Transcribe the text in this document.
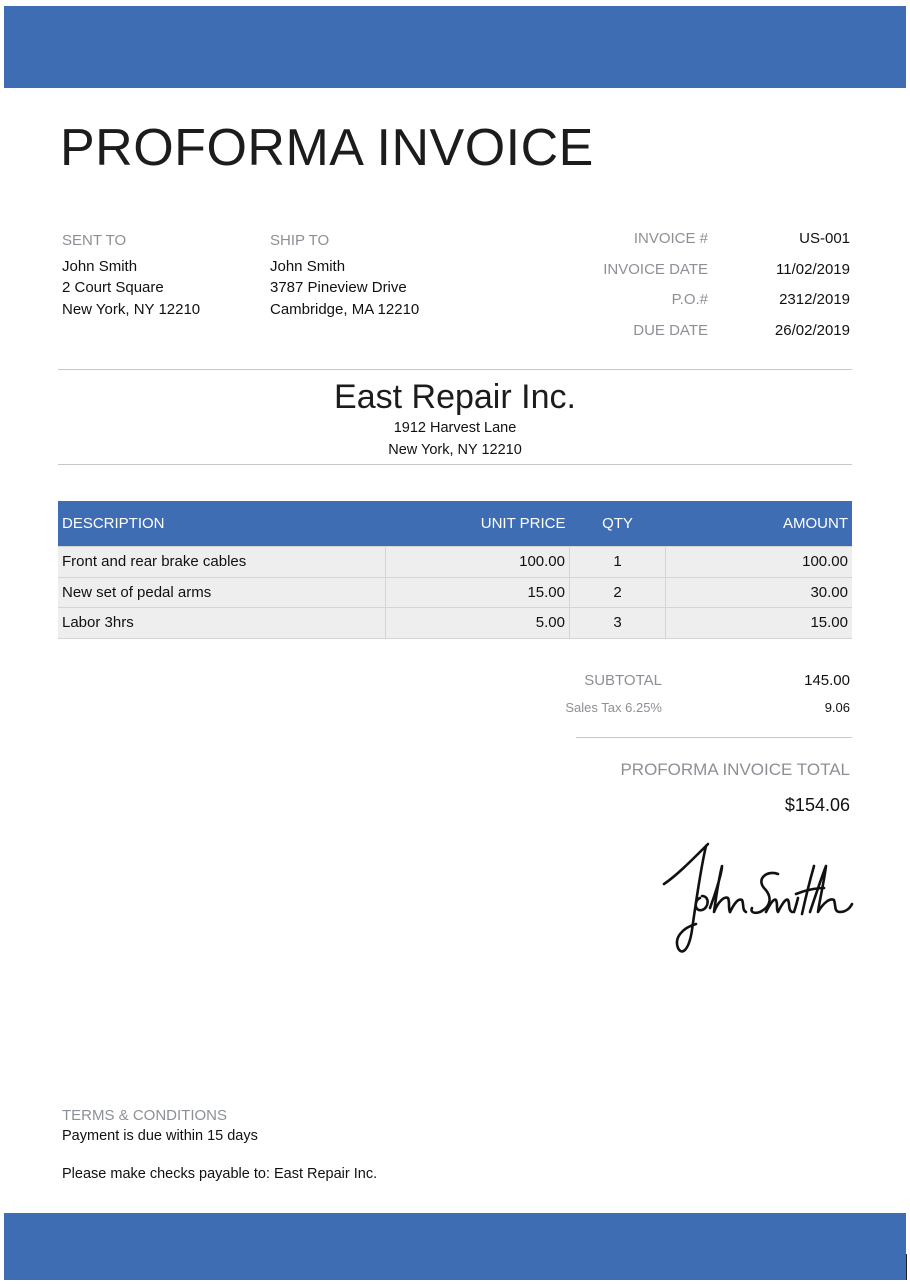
PROFORMA INVOICE
SENT TO
John Smith
2 Court Square
New York, NY 12210
SHIP TO
John Smith
3787 Pineview Drive
Cambridge, MA 12210
INVOICE #	US-001
INVOICE DATE	11/02/2019
P.O.#	2312/2019
DUE DATE	26/02/2019
East Repair Inc.
1912 Harvest Lane
New York, NY 12210
DESCRIPTION	UNIT PRICE	QTY	AMOUNT
Front and rear brake cables	100.00	1	100.00
New set of pedal arms	15.00	2	30.00
Labor 3hrs	5.00	3	15.00
SUBTOTAL	145.00
Sales Tax 6.25%	9.06
PROFORMA INVOICE TOTAL
$154.06
TERMS & CONDITIONS
Payment is due within 15 days
Please make checks payable to: East Repair Inc.
